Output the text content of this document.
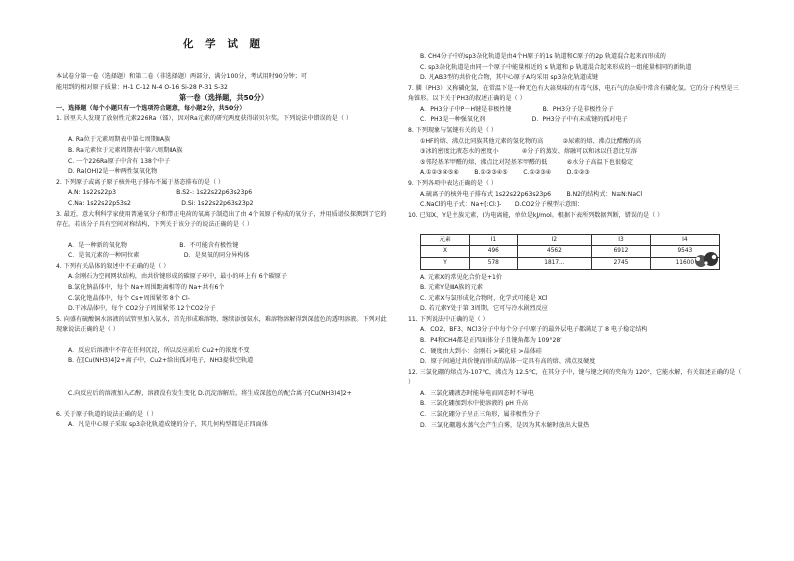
化 学 试 题
本试卷分第一卷（选择题）和第二卷（非选择题）两部分，满分100分，考试用时90分钟；可
能用到的相对原子质量：H-1 C-12 N-4 O-16 Si-28 P-31 S-32
第一卷（选择题，共50分）
一、选择题（每个小题只有一个选项符合题意，每小题2分，共50分）
1. 居里夫人发现了放射性元素226Ra（镭），因对Ra元素的研究两度获得诺贝尔奖。下列说法中错误的是（ ）
A. Ra位于元素周期表中第七周期ⅡA族
B. Ra元素位于元素周期表中第六周期ⅡA族
C. 一个226Ra原子中含有 138个中子
D. Ra(OH)2是一种两性氢氧化物
2. 下列原子或离子原子核外电子排布不属于基态排布的是（ ）
A.N: 1s22s22p3                               B.S2-: 1s22s22p63s23p6
C.Na: 1s22s22p53s2                          D.Si: 1s22s22p63s23p2
3. 最近，意大利科学家使用普通氧分子和带正电荷的氧离子制造出了由 4个氧原子构成的氧分子，并用质谱仪探测到了它的存在。若该分子具有空间对称结构，下列关于该分子的说法正确的是（ ）
A．是一种新的氧化物                           B．不可能含有极性键
C．是氧元素的一种同位素                       D．是臭氧的同分异构体
4. 下列有关晶体的叙述中不正确的是（ ）
A.金刚石为空间网状结构，由共价键形成的碳原子环中，最小的环上有 6个碳原子
B.氯化钠晶体中，每个 Na+周围距离相等的 Na+共有6个
C.氯化铯晶体中，每个 Cs+周围紧邻 8个 Cl-
D.干冰晶体中，每个 CO2分子周围紧邻 12个CO2分子
5. 向盛有硫酸铜水溶液的试管里加入氨水，首先形成难溶物，继续添加氨水，难溶物溶解得到深蓝色的透明溶液。下列对此现象说法正确的是（ ）
A．反应后溶液中不存在任何沉淀，所以反应前后 Cu2+的浓度不变
B. 在[Cu(NH3)4]2+离子中，Cu2+给出孤对电子，NH3提供空轨道
C.向反应后的溶液加入乙醇，溶液没有发生变化 D.沉淀溶解后，将生成深蓝色的配合离子[Cu(NH3)4]2+
6. 关于原子轨道的说法正确的是（ ）
A．凡是中心原子采取 sp3杂化轨道成键的分子，其几何构型都是正四面体
B. CH4分子中的sp3杂化轨道是由4个H原子的1s 轨道和C原子的2p 轨道混合起来而形成的
C. sp3杂化轨道是由同一个原子中能量相近的 s 轨道和 p 轨道混合起来形成的一组能量相同的新轨道
D. 凡AB3型的共价化合物，其中心原子A均采用 sp3杂化轨道成键
7. 膦（PH3）又称磷化氢，在常温下是一种无色有大蒜臭味的有毒气体，电石气的杂质中常含有磷化氢。它的分子构型是三角锥形。以下关于PH3的叙述正确的是（ ）
A．PH3分子中P－H键是非极性键                B．PH3分子是非极性分子
C．PH3是一种强氧化剂                        D．PH3分子中有未成键的孤对电子
8. 下列现象与氢键有关的是（ ）
①HF的熔、沸点比同族其他元素的氢化物的高          ②尿素的熔、沸点比醋酸的高
③冰的密度比液态水的密度小            ④分子的蒸发、熔融可以和冰以任意比互溶
⑤邻羟基苯甲醛的熔、沸点比对羟基苯甲醛的低          ⑥水分子高温下也很稳定
A.①②③④⑤⑥        B.①②③④⑤        C.①②③④        D.①②③
9. 下列各项中表达正确的是（ ）
A.硫离子的核外电子排布式 1s22s22p63s23p6        B.N2的结构式：N≡N:NaCl
C.NaCl的电子式：Na+[:Cl:]-       D.CO2分子模型示意图：
10. 已知X、Y是主族元素，I为电离能，单位是kJ/mol。根据下表所列数据判断，错误的是（ ）
元素	I1	I2	I3	I4
X	496	4562	6912	9543
Y	578	1817...	2745	11600
A. 元素X的常见化合价是+1价
B. 元素Y是ⅢA族的元素
C. 元素X与氯形成化合物时，化学式可能是 XCl
D. 若元素Y处于第 3周期，它可与冷水剧烈反应
11. 下列说法中正确的是（ ）
A．CO2、BF3、NCl3分子中每个分子中原子的最外层电子都满足了 8 电子稳定结构
B．P4和CH4都是正四面体分子且键角都为 109°28′
C．硬度由大到小：金刚石 >碳化硅 >晶体硅
D．原子间通过共价键而形成的晶体一定具有高的熔、沸点及硬度
12. 三氯化硼的熔点为-107℃，沸点为 12.5℃，在其分子中，键与键之间的夹角为 120°，它能水解，有关叙述正确的是（ ）
A．三氯化硼液态时能导电而固态时不导电
B．三氯化硼加到水中使溶液的 pH 升高
C．三氯化硼分子呈正三角形，属非极性分子
D．三氯化硼遇水蒸气会产生白雾，是因为其水解时放出大量热
